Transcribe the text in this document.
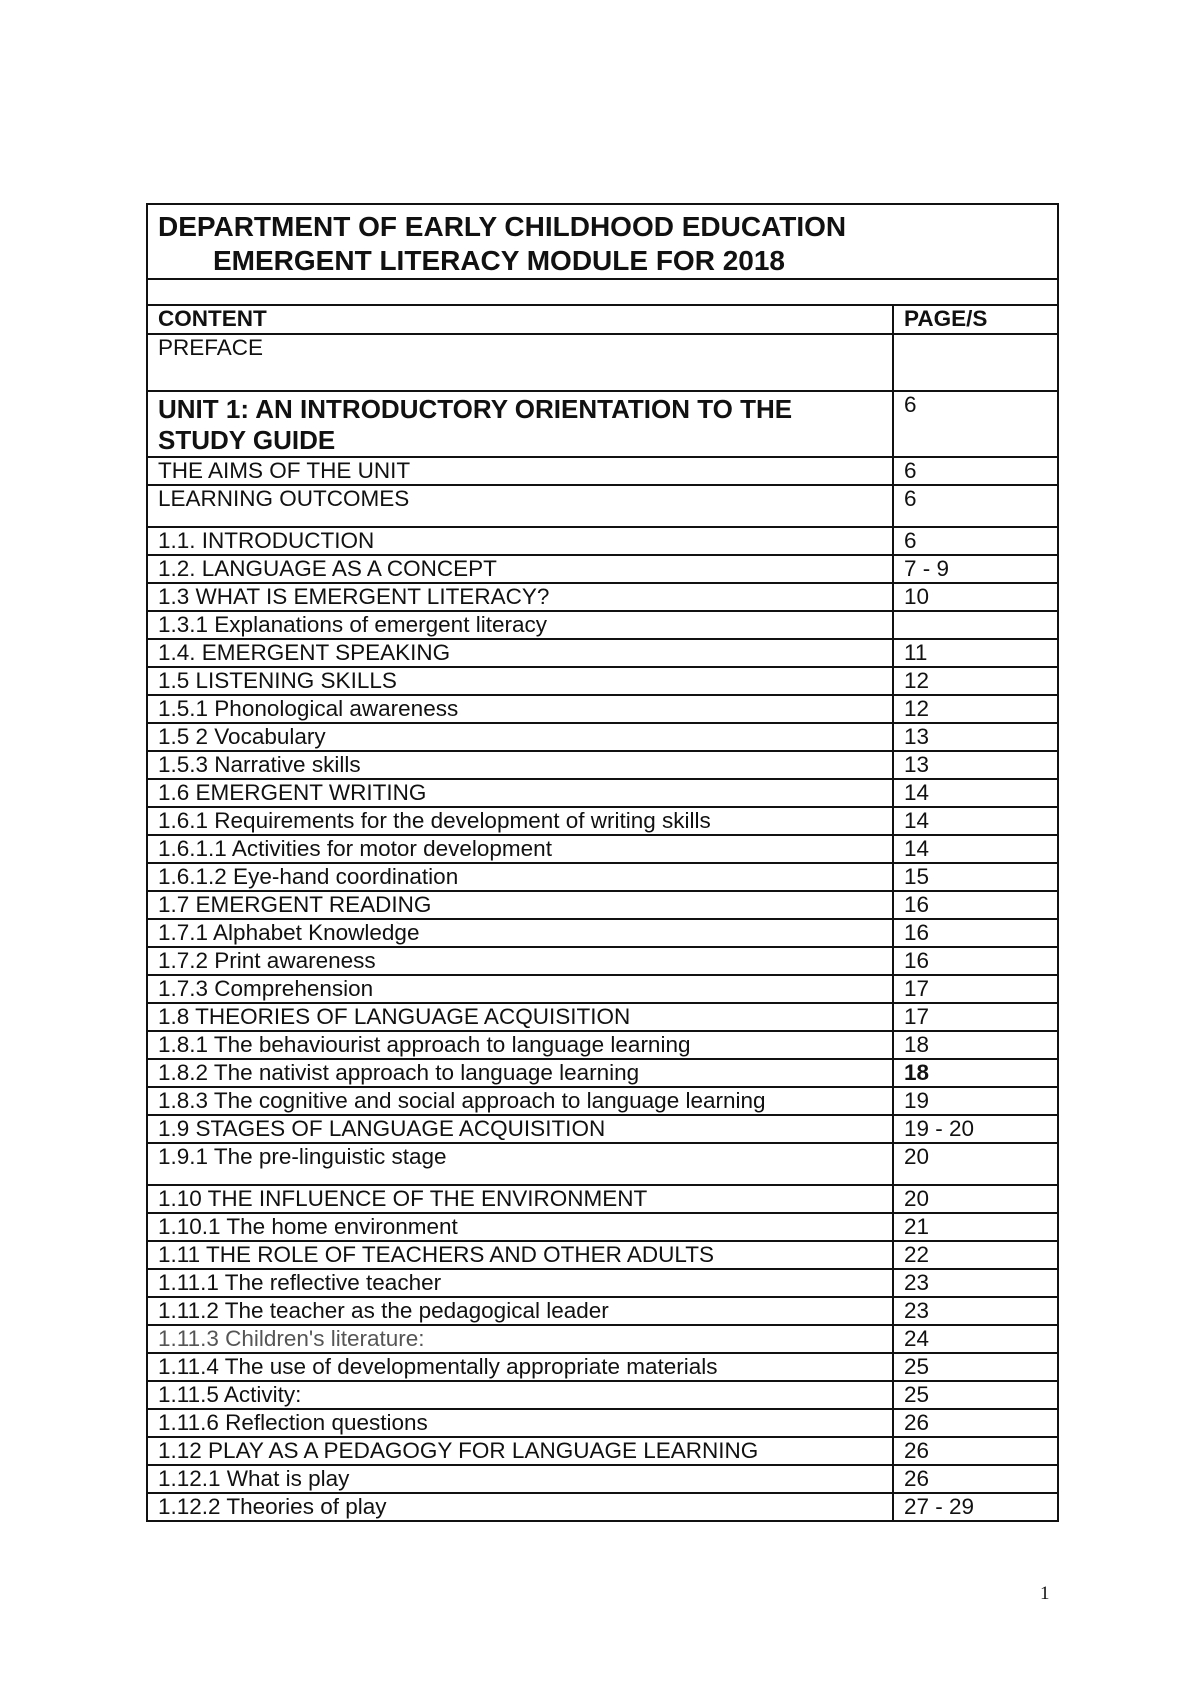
DEPARTMENT OF EARLY CHILDHOOD EDUCATION
EMERGENT LITERACY MODULE FOR 2018	

CONTENT	PAGE/S
PREFACE	
UNIT 1: AN INTRODUCTORY ORIENTATION TO THE STUDY GUIDE	6
THE AIMS OF THE UNIT	6
LEARNING OUTCOMES	6
1.1. INTRODUCTION	6
1.2. LANGUAGE AS A CONCEPT	7 - 9
1.3 WHAT IS EMERGENT LITERACY?	10
1.3.1 Explanations of emergent literacy	
1.4. EMERGENT SPEAKING	11
1.5 LISTENING SKILLS	12
1.5.1 Phonological awareness	12
1.5 2 Vocabulary	13
1.5.3 Narrative skills	13
1.6 EMERGENT WRITING	14
1.6.1 Requirements for the development of writing skills	14
1.6.1.1 Activities for motor development	14
1.6.1.2 Eye-hand coordination	15
1.7 EMERGENT READING	16
1.7.1 Alphabet Knowledge	16
1.7.2 Print awareness	16
1.7.3 Comprehension	17
1.8 THEORIES OF LANGUAGE ACQUISITION	17
1.8.1 The behaviourist approach to language learning	18
1.8.2 The nativist approach to language learning	18
1.8.3 The cognitive and social approach to language learning	19
1.9 STAGES OF LANGUAGE ACQUISITION	19 - 20
1.9.1 The pre-linguistic stage	20
1.10 THE INFLUENCE OF THE ENVIRONMENT	20
1.10.1 The home environment	21
1.11 THE ROLE OF TEACHERS AND OTHER ADULTS	22
1.11.1 The reflective teacher	23
1.11.2 The teacher as the pedagogical leader	23
1.11.3 Children's literature:	24
1.11.4 The use of developmentally appropriate materials	25
1.11.5 Activity:	25
1.11.6 Reflection questions	26
1.12 PLAY AS A PEDAGOGY FOR LANGUAGE LEARNING	26
1.12.1 What is play	26
1.12.2 Theories of play	27 - 29
1
